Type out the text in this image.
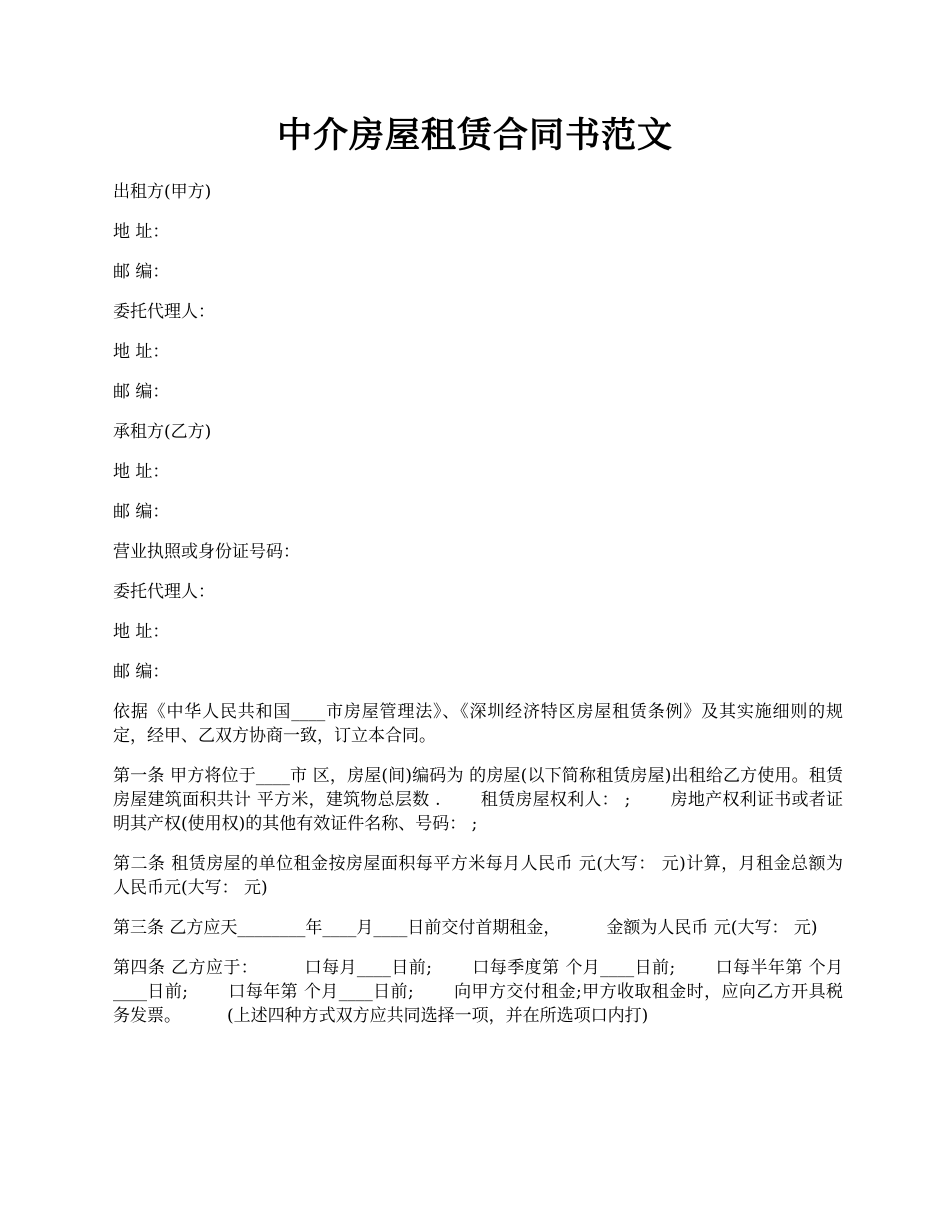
中介房屋租赁合同书范文
出租方(甲方)
地 址：
邮 编：
委托代理人：
地 址：
邮 编：
承租方(乙方)
地 址：
邮 编：
营业执照或身份证号码：
委托代理人：
地 址：
邮 编：
依据《中华人民共和国____市房屋管理法》、《深圳经济特区房屋租赁条例》及其实施细则的规定，经甲、乙双方协商一致，订立本合同。
第一条 甲方将位于____市 区，房屋(间)编码为 的房屋(以下简称租赁房屋)出租给乙方使用。租赁房屋建筑面积共计 平方米，建筑物总层数 . 租赁房屋权利人： ; 房地产权利证书或者证明其产权(使用权)的其他有效证件名称、号码： ;
第二条 租赁房屋的单位租金按房屋面积每平方米每月人民币 元(大写： 元)计算，月租金总额为 人民币元(大写： 元)
第三条 乙方应天________年____月____日前交付首期租金，	金额为人民币 元(大写： 元)
第四条 乙方应于：	口每月____日前; 口每季度第 个月____日前; 口每半年第 个月____日前; 口每年第 个月____日前; 向甲方交付租金;甲方收取租金时，应向乙方开具税务发票。	(上述四种方式双方应共同选择一项，并在所选项口内打)
